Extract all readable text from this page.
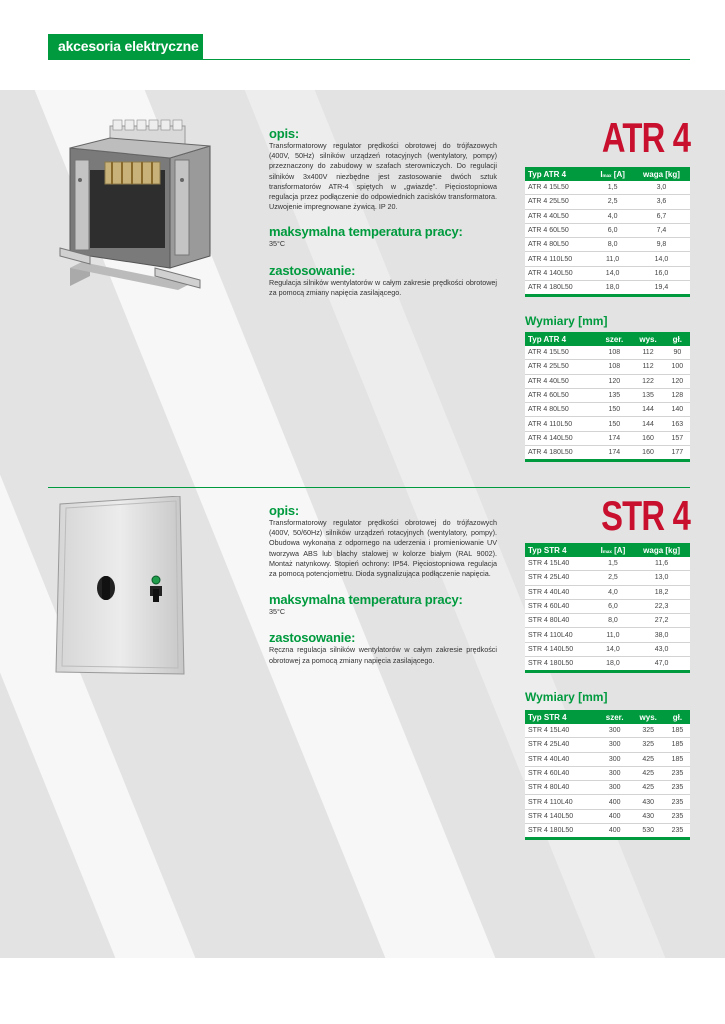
akcesoria elektryczne

opis:

Transformatorowy regulator prędkości obrotowej do trójfazowych (400V, 50Hz) silników urządzeń rotacyjnych (wentylatory, pompy) przeznaczony do zabudowy w szafach sterowniczych. Do regulacji silników 3x400V niezbędne jest zastosowanie dwóch sztuk transformatorów ATR-4 spiętych w „gwiazdę”. Pięciostopniowa regulacja przez podłączenie do odpowiednich zacisków transformatora. Uzwojenie impregnowane żywicą. IP 20.

maksymalna temperatura pracy:

35°C

zastosowanie:

Regulacja silników wentylatorów w całym zakresie prędkości obrotowej za pomocą zmiany napięcia zasilającego.

ATR 4
Typ ATR 4	Imax [A]	waga [kg]
ATR 4 15L50	1,5	3,0
ATR 4 25L50	2,5	3,6
ATR 4 40L50	4,0	6,7
ATR 4 60L50	6,0	7,4
ATR 4 80L50	8,0	9,8
ATR 4 110L50	11,0	14,0
ATR 4 140L50	14,0	16,0
ATR 4 180L50	18,0	19,4
Wymiary [mm]
Typ ATR 4	szer.	wys.	gł.
ATR 4 15L50	108	112	90
ATR 4 25L50	108	112	100
ATR 4 40L50	120	122	120
ATR 4 60L50	135	135	128
ATR 4 80L50	150	144	140
ATR 4 110L50	150	144	163
ATR 4 140L50	174	160	157
ATR 4 180L50	174	160	177

opis:

Transformatorowy regulator prędkości obrotowej do trójfazowych (400V, 50/60Hz) silników urządzeń rotacyjnych (wentylatory, pompy). Obudowa wykonana z odpornego na uderzenia i promieniowanie UV tworzywa ABS lub blachy stalowej w kolorze białym (RAL 9002). Montaż natynkowy. Stopień ochrony: IP54. Pięciostopniowa regulacja za pomocą potencjometru. Dioda sygnalizująca podłączenie napięcia.

maksymalna temperatura pracy:

35°C

zastosowanie:

Ręczna regulacja silników wentylatorów w całym zakresie prędkości obrotowej za pomocą zmiany napięcia zasilającego.

STR 4
Typ STR 4	Imax [A]	waga [kg]
STR 4 15L40	1,5	11,6
STR 4 25L40	2,5	13,0
STR 4 40L40	4,0	18,2
STR 4 60L40	6,0	22,3
STR 4 80L40	8,0	27,2
STR 4 110L40	11,0	38,0
STR 4 140L50	14,0	43,0
STR 4 180L50	18,0	47,0
Wymiary [mm]
Typ STR 4	szer.	wys.	gł.
STR 4 15L40	300	325	185
STR 4 25L40	300	325	185
STR 4 40L40	300	425	185
STR 4 60L40	300	425	235
STR 4 80L40	300	425	235
STR 4 110L40	400	430	235
STR 4 140L50	400	430	235
STR 4 180L50	400	530	235
